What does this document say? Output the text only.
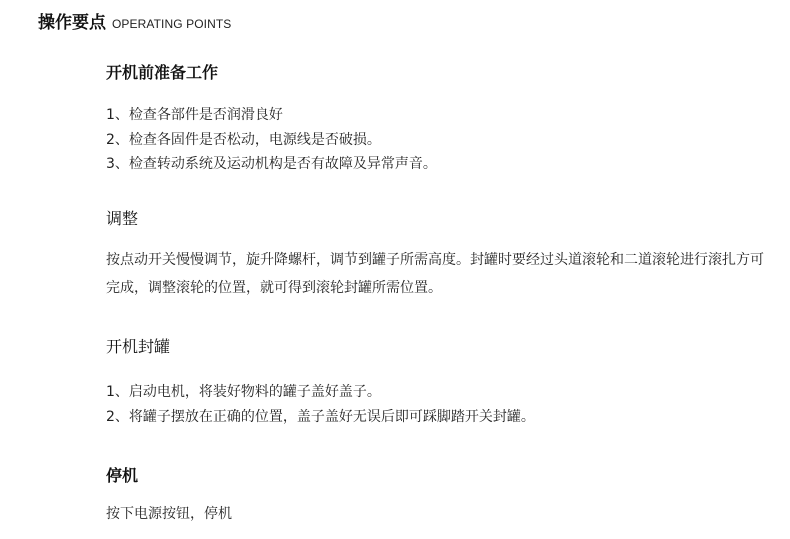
操作要点 OPERATING POINTS
开机前准备工作
1、检查各部件是否润滑良好
2、检查各固件是否松动，电源线是否破损。
3、检查转动系统及运动机构是否有故障及异常声音。
调整

按点动开关慢慢调节，旋升降螺杆，调节到罐子所需高度。封罐时要经过头道滚轮和二道滚轮进行滚扎方可完成，调整滚轮的位置，就可得到滚轮封罐所需位置。

开机封罐
1、启动电机，将装好物料的罐子盖好盖子。
2、将罐子摆放在正确的位置，盖子盖好无误后即可踩脚踏开关封罐。
停机

按下电源按钮，停机
